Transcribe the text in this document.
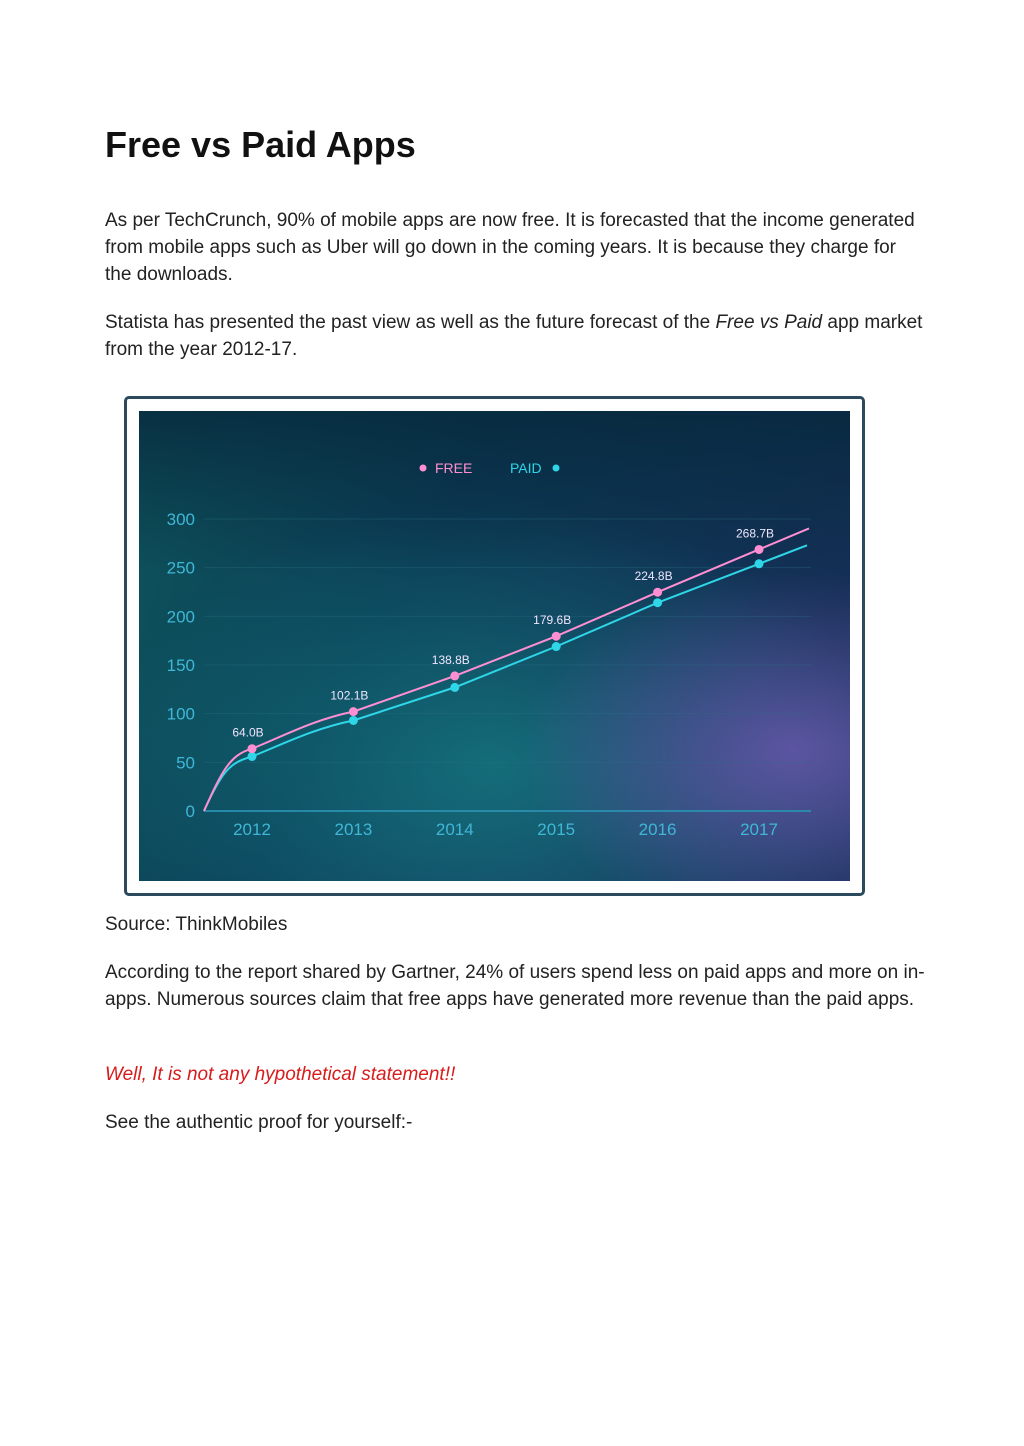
Free vs Paid Apps

As per TechCrunch, 90% of mobile apps are now free. It is forecasted that the income generated from mobile apps such as Uber will go down in the coming years. It is because they charge for the downloads.

Statista has presented the past view as well as the future forecast of the Free vs Paid app market from the year 2012-17.

0
50
100
150
200
250
300
2012	2013	2014	2015	2016	2017
64.0B
102.1B
138.8B
179.6B
224.8B
268.7B
FREE	PAID

Source: ThinkMobiles

According to the report shared by Gartner, 24% of users spend less on paid apps and more on in-apps. Numerous sources claim that free apps have generated more revenue than the paid apps.

Well, It is not any hypothetical statement!!

See the authentic proof for yourself:-
